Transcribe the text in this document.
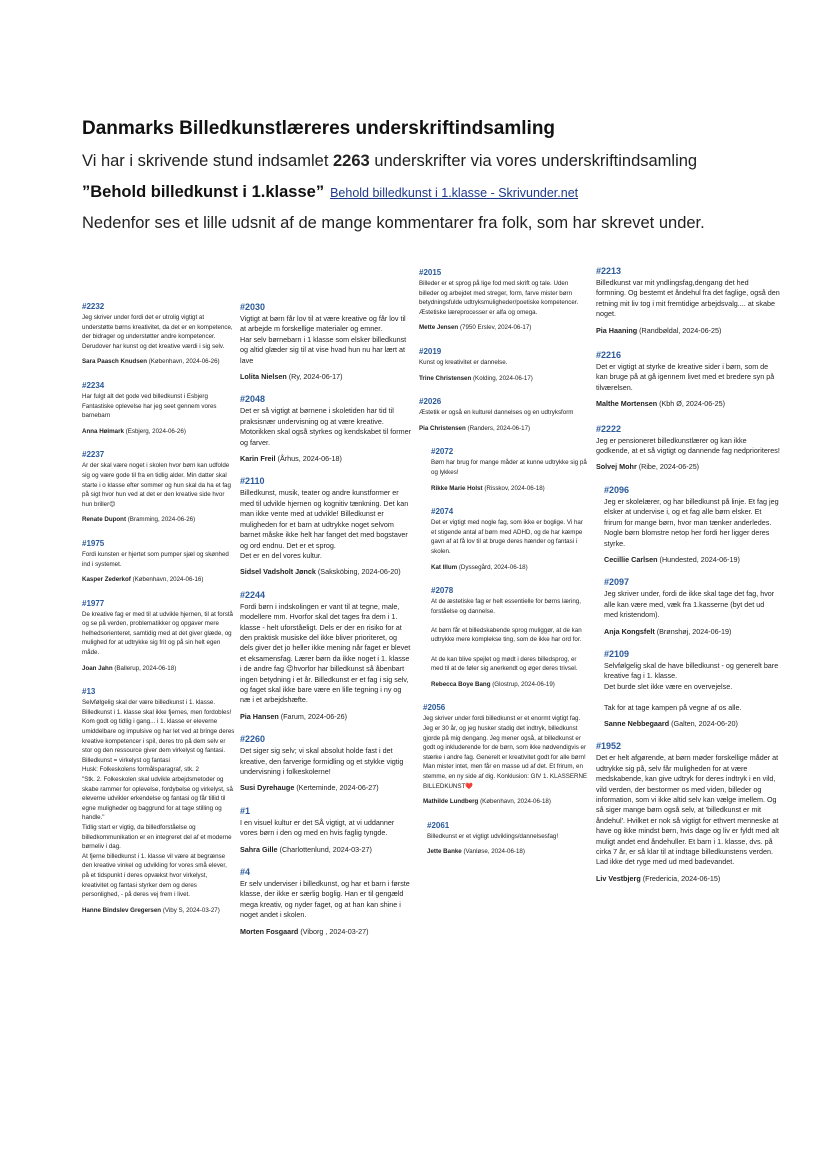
Danmarks Billedkunstlæreres underskriftindsamling
Vi har i skrivende stund indsamlet 2263 underskrifter via vores underskriftindsamling
”Behold billedkunst i 1.klasse” Behold billedkunst i 1.klasse - Skrivunder.net
Nedenfor ses et lille udsnit af de mange kommentarer fra folk, som har skrevet under.
#2232
Jeg skriver under fordi det er utrolig vigtigt at understøtte børns kreativitet, da det er en kompetence, der bidrager og understøtter andre kompetencer. Derudover har kunst og det kreative værdi i sig selv.
Sara Paasch Knudsen (København, 2024-06-26)
#2234
Har fulgt alt det gode ved billedkunst i Esbjerg Fantastiske oplevelse har jeg seet gennem vores barnebarn
Anna Høimark (Esbjerg, 2024-06-26)
#2237
Ar der skal være noget i skolen hvor børn kan udfolde sig og være gode til fra en tidlig alder. Min datter skal starte i o klasse efter sommer og hun skal da ha et fag på sigt hvor hun ved at det er den kreative side hvor hun briller😊
Renate Dupont (Bramming, 2024-06-26)
#1975
Fordi kunsten er hjertet som pumper sjæl og skønhed ind i systemet.
Kasper Zederkof (København, 2024-06-16)
#1977
De kreative fag er med til at udvikle hjernen, til at forstå og se på verden, problematikker og opgaver mere helhedsorienteret, samtidig med at det giver glæde, og mulighed for at udtrykke sig frit og på sin helt egen måde.
Joan Jahn (Ballerup, 2024-06-18)
#13
Selvfølgelig skal der være billedkunst i 1. klasse. Billedkunst i 1. klasse skal ikke fjernes, men fordobles!
Kom godt og tidlig i gang... i 1. klasse er eleverne umiddelbare og impulsive og har let ved at bringe deres kreative kompetencer i spil, deres tro på dem selv er stor og den ressource giver dem virkelyst og fantasi.
Billedkunst = virkelyst og fantasi
Husk: Folkeskolens formålsparagraf, stk. 2
"Stk. 2. Folkeskolen skal udvikle arbejdsmetoder og skabe rammer for oplevelse, fordybelse og virkelyst, så eleverne udvikler erkendelse og fantasi og får tillid til egne muligheder og baggrund for at tage stilling og handle."
Tidlig start er vigtig, da billedforståelse og billedkommunikation er en integreret del af et moderne børneliv i dag.
At fjerne billedkunst i 1. klasse vil være at begrænse den kreative vinkel og udvikling for vores små elever, på et tidspunkt i deres opvækst hvor virkelyst, kreativitet og fantasi styrker dem og deres personlighed, - på deres vej frem i livet.
Hanne Bindslev Gregersen (Viby S, 2024-03-27)
#2030
Vigtigt at børn får lov til at være kreative og får lov til at arbejde m forskellige materialer og emner.
Har selv børnebarn i 1 klasse som elsker billedkunst og altid glæder sig til at vise hvad hun nu har lært at lave
Lolita Nielsen (Ry, 2024-06-17)
#2048
Det er så vigtigt at børnene i skoletiden har tid til praksisnær undervisning og at være kreative. Motorikken skal også styrkes og kendskabet til former og farver.
Karin Freil (Århus, 2024-06-18)
#2110
Billedkunst, musik, teater og andre kunstformer er med til udvikle hjernen og kognitiv tænkning. Det kan man ikke vente med at udvikle! Billedkunst er muligheden for et barn at udtrykke noget selvom barnet måske ikke helt har fanget det med bogstaver og ord endnu. Det er et sprog.
Det er en del vores kultur.
Sidsel Vadsholt Jønck (Saksköbing, 2024-06-20)
#2244
Fordi børn i indskolingen er vant til at tegne, male, modellere mm. Hvorfor skal det tages fra dem i 1. klasse - helt uforståeligt. Dels er der en risiko for at den praktisk musiske del ikke bliver prioriteret, og dels giver det jo heller ikke mening når faget er blevet et eksamensfag. Lærer børn da ikke noget i 1. klasse i de andre fag 😉hvorfor har billedkunst så åbenbart ingen betydning i et år. Billedkunst er et fag i sig selv, og faget skal ikke bare være en lille tegning i ny og næ i et arbejdshæfte.
Pia Hansen (Farum, 2024-06-26)
#2260
Det siger sig selv; vi skal absolut holde fast i det kreative, den farverige formidling og et stykke vigtig undervisning i folkeskolerne!
Susi Dyrehauge (Kerteminde, 2024-06-27)
#1
I en visuel kultur er det SÅ vigtigt, at vi uddanner vores børn i den og med en hvis faglig tyngde.
Sahra Gille (Charlottenlund, 2024-03-27)
#4
Er selv underviser i billedkunst, og har et barn i første klasse, der ikke er særlig boglig. Han er til gengæld mega kreativ, og nyder faget, og at han kan shine i noget andet i skolen.
Morten Fosgaard (Viborg , 2024-03-27)
#2015
Billeder er et sprog på lige fod med skrift og tale. Uden billeder og arbejdet med streger, form, farve mister børn betydningsfulde udtryksmuligheder/poetiske kompetencer. Æstetiske læreprocesser er alfa og omega.
Mette Jensen (7950 Erslev, 2024-06-17)
#2019
Kunst og kreativitet er dannelse.
Trine Christensen (Kolding, 2024-06-17)
#2026
Æstetik er også en kulturel dannelses og en udtryksform
Pia Christensen (Randers, 2024-06-17)
#2072
Børn har brug for mange måder at kunne udtrykke sig på og lykkes!
Rikke Marie Holst (Risskov, 2024-06-18)
#2074
Det er vigtigt med nogle fag, som ikke er boglige. Vi har et stigende antal af børn med ADHD, og de har kæmpe gavn af at få lov til at bruge deres hænder og fantasi i skolen.
Kat Illum (Dyssegård, 2024-06-18)
#2078
At de æstetiske fag er helt essentielle for børns læring, forståelse og dannelse.

At børn får et billedskabende sprog muliggør, at de kan udtrykke mere komplekse ting, som de ikke har ord for.

At de kan blive spejlet og mødt i deres billedsprog, er med til at de føler sig anerkendt og øger deres trivsel.
Rebecca Boye Bang (Glostrup, 2024-06-19)
#2056
Jeg skriver under fordi billedkunst er et enormt vigtigt fag. Jeg er 30 år, og jeg husker stadig det indtryk, billedkunst gjorde på mig dengang. Jeg mener også, at billedkunst er godt og inkluderende for de børn, som ikke nødvendigvis er stærke i andre fag. Generelt er kreativitet godt for alle børn! Man mister intet, men får en masse ud af det. Et frirum, en stemme, en ny side af dig. Konklusion: GIV 1. KLASSERNE BILLEDKUNST❤️
Mathilde Lundberg (København, 2024-06-18)
#2061
Billedkunst er et vigtigt udviklings/dannelsesfag!
Jette Banke (Vanløse, 2024-06-18)
#2213
Billedkunst var mit yndlingsfag,dengang det hed formning. Og bestemt et åndehul fra det faglige, også den retning mit liv tog i mit fremtidige arbejdsvalg.... at skabe noget.
Pia Haaning (Randbøldal, 2024-06-25)
#2216
Det er vigtigt at styrke de kreative sider i børn, som de kan bruge på at gå igennem livet med et bredere syn på tilværelsen.
Malthe Mortensen (Kbh Ø, 2024-06-25)
#2222
Jeg er pensioneret billedkunstlærer og kan ikke godkende, at et så vigtigt og dannende fag nedprioriteres!
Solvej Mohr (Ribe, 2024-06-25)
#2096
Jeg er skolelærer, og har billedkunst på linje. Et fag jeg elsker at undervise i, og et fag alle børn elsker. Et frirum for mange børn, hvor man tænker anderledes. Nogle børn blomstre netop her fordi her ligger deres styrke.
Cecillie Carlsen (Hundested, 2024-06-19)
#2097
Jeg skriver under, fordi de ikke skal tage det fag, hvor alle kan være med, væk fra 1.kasserne (byt det ud med kristendom).
Anja Kongsfelt (Brønshøj, 2024-06-19)
#2109
Selvfølgelig skal de have billedkunst - og generelt bare kreative fag i 1. klasse.
Det burde slet ikke være en overvejelse.

Tak for at tage kampen på vegne af os alle.
Sanne Nebbegaard (Galten, 2024-06-20)
#1952
Det er helt afgørende, at børn møder forskellige måder at udtrykke sig på, selv får muligheden for at være medskabende, kan give udtryk for deres indtryk i en vild, vild verden, der bestormer os med viden, billeder og information, som vi ikke altid selv kan vælge imellem. Og så siger mange børn også selv, at 'billedkunst er mit åndehul'. Hvilket er nok så vigtigt for ethvert menneske at have og ikke mindst børn, hvis dage og liv er fyldt med alt muligt andet end åndehuller. Et barn i 1. klasse, dvs. på cirka 7 år, er så klar til at indtage billedkunstens verden. Lad ikke det ryge med ud med badevandet.
Liv Vestbjerg (Fredericia, 2024-06-15)
